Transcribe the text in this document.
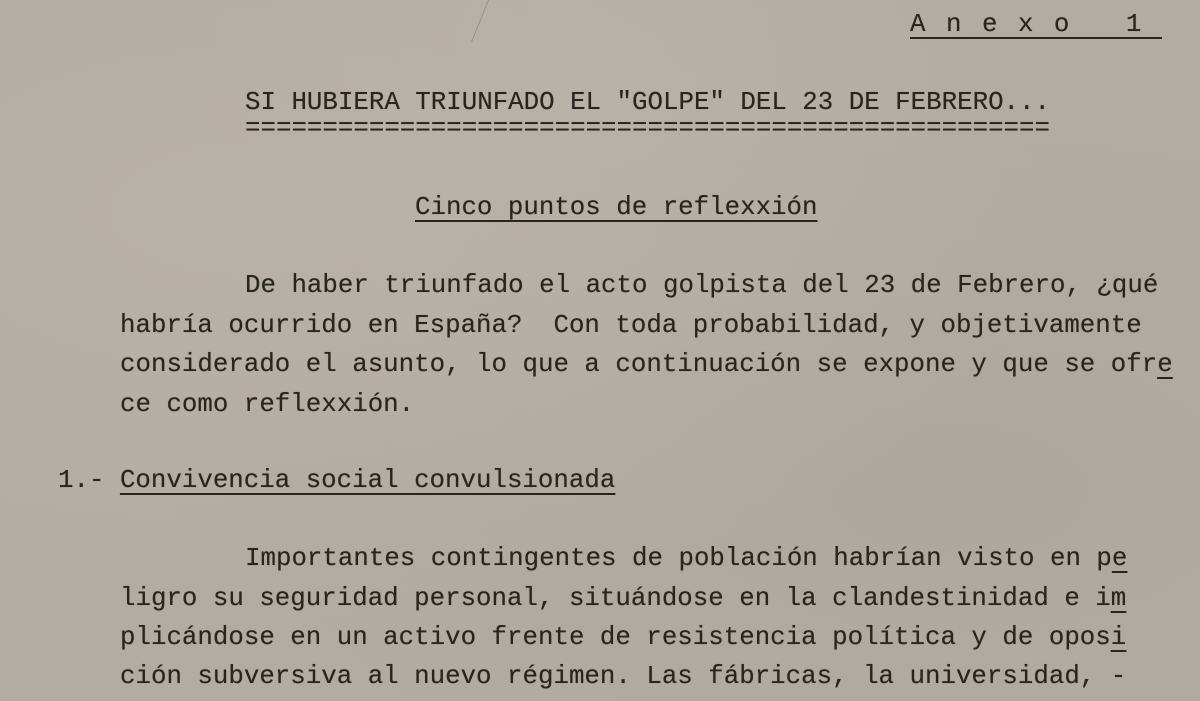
Anexo 1
SI HUBIERA TRIUNFADO EL "GOLPE" DEL 23 DE FEBRERO...
====================================================
Cinco puntos de reflexxión
De haber triunfado el acto golpista del 23 de Febrero, ¿qué
habría ocurrido en España?  Con toda probabilidad, y objetivamente
considerado el asunto, lo que a continuación se expone y que se ofre
ce como reflexxión.
1.- Convivencia social convulsionada
Importantes contingentes de población habrían visto en pe
ligro su seguridad personal, situándose en la clandestinidad e im
plicándose en un activo frente de resistencia política y de oposi
ción subversiva al nuevo régimen. Las fábricas, la universidad, -
